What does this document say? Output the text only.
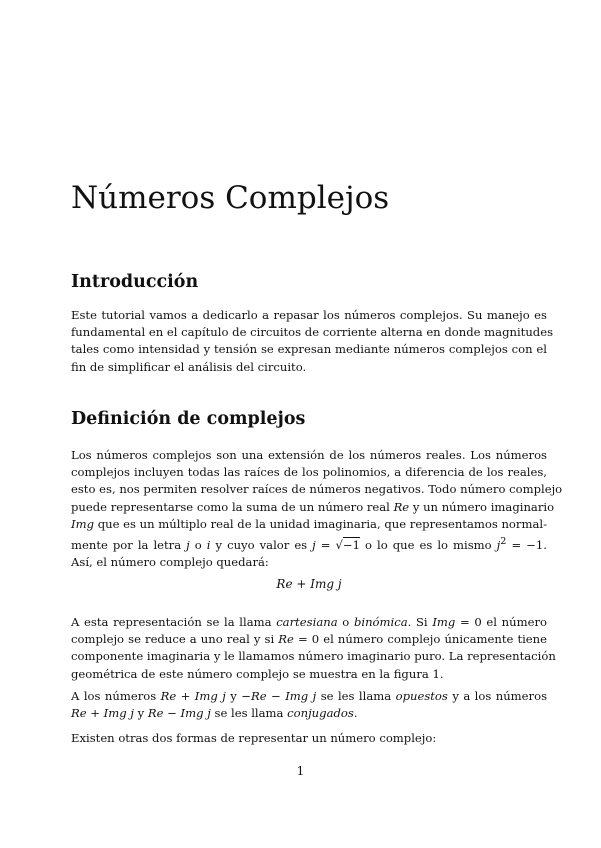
Números Complejos
Introducción
Este tutorial vamos a dedicarlo a repasar los números complejos. Su manejo es
fundamental en el capítulo de circuitos de corriente alterna en donde magnitudes
tales como intensidad y tensión se expresan mediante números complejos con el
fin de simplificar el análisis del circuito.
Definición de complejos
Los números complejos son una extensión de los números reales. Los números
complejos incluyen todas las raíces de los polinomios, a diferencia de los reales,
esto es, nos permiten resolver raíces de números negativos. Todo número complejo
puede representarse como la suma de un número real Re y un número imaginario
Img que es un múltiplo real de la unidad imaginaria, que representamos normal-
mente por la letra j o i y cuyo valor es j = √−1 o lo que es lo mismo $j^2 = -1$.
Así, el número complejo quedará:
Re + Img j
A esta representación se la llama cartesiana o binómica. Si Img = 0 el número
complejo se reduce a uno real y si Re = 0 el número complejo únicamente tiene
componente imaginaria y le llamamos número imaginario puro. La representación
geométrica de este número complejo se muestra en la figura 1.
A los números Re + Img j y −Re − Img j se les llama opuestos y a los números
Re + Img j y Re − Img j se les llama conjugados.
Existen otras dos formas de representar un número complejo:
1
